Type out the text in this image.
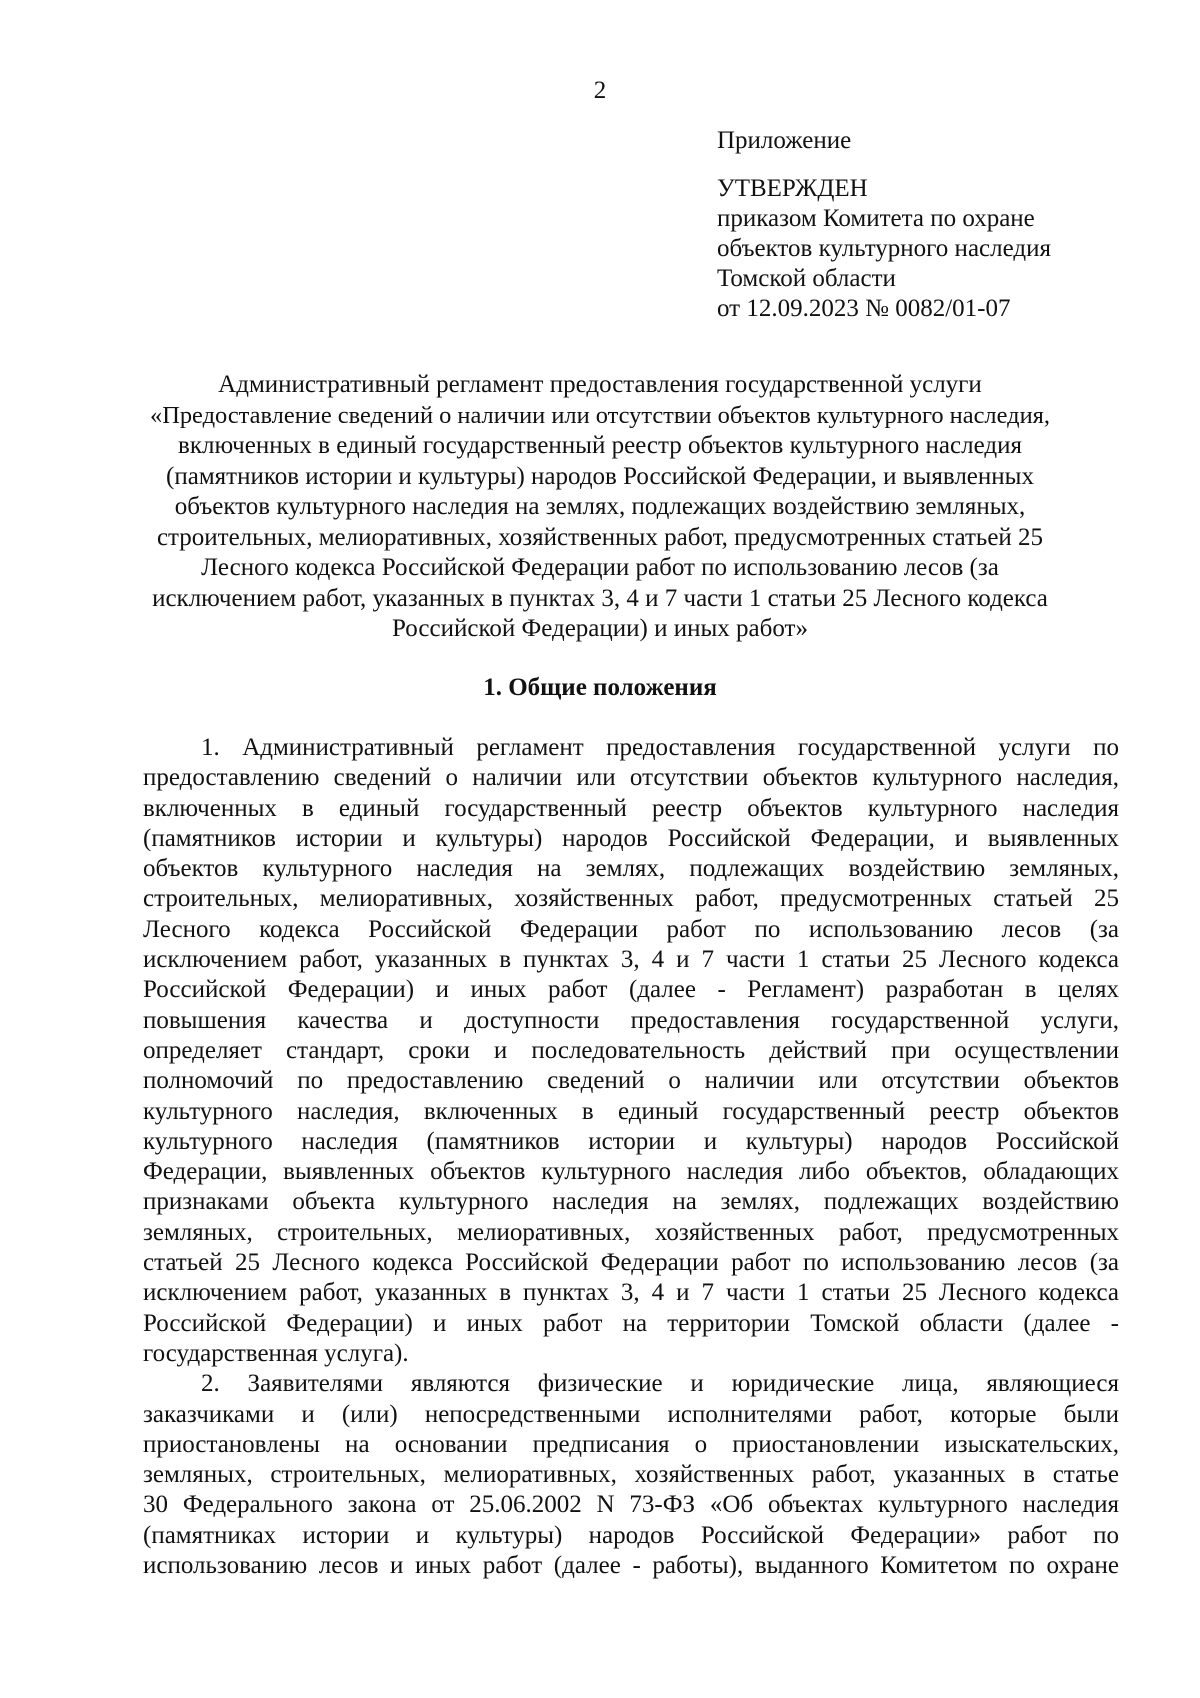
2
Приложение
УТВЕРЖДЕН
приказом Комитета по охране
объектов культурного наследия
Томской области
от 12.09.2023 № 0082/01-07
Административный регламент предоставления государственной услуги
«Предоставление сведений о наличии или отсутствии объектов культурного наследия,
включенных в единый государственный реестр объектов культурного наследия
(памятников истории и культуры) народов Российской Федерации, и выявленных
объектов культурного наследия на землях, подлежащих воздействию земляных,
строительных, мелиоративных, хозяйственных работ, предусмотренных статьей 25
Лесного кодекса Российской Федерации работ по использованию лесов (за
исключением работ, указанных в пунктах 3, 4 и 7 части 1 статьи 25 Лесного кодекса
Российской Федерации) и иных работ»
1. Общие положения
1. Административный регламент предоставления государственной услуги по
предоставлению сведений о наличии или отсутствии объектов культурного наследия,
включенных в единый государственный реестр объектов культурного наследия
(памятников истории и культуры) народов Российской Федерации, и выявленных
объектов культурного наследия на землях, подлежащих воздействию земляных,
строительных, мелиоративных, хозяйственных работ, предусмотренных статьей 25
Лесного кодекса Российской Федерации работ по использованию лесов (за
исключением работ, указанных в пунктах 3, 4 и 7 части 1 статьи 25 Лесного кодекса
Российской Федерации) и иных работ (далее - Регламент) разработан в целях
повышения качества и доступности предоставления государственной услуги,
определяет стандарт, сроки и последовательность действий при осуществлении
полномочий по предоставлению сведений о наличии или отсутствии объектов
культурного наследия, включенных в единый государственный реестр объектов
культурного наследия (памятников истории и культуры) народов Российской
Федерации, выявленных объектов культурного наследия либо объектов, обладающих
признаками объекта культурного наследия на землях, подлежащих воздействию
земляных, строительных, мелиоративных, хозяйственных работ, предусмотренных
статьей 25 Лесного кодекса Российской Федерации работ по использованию лесов (за
исключением работ, указанных в пунктах 3, 4 и 7 части 1 статьи 25 Лесного кодекса
Российской Федерации) и иных работ на территории Томской области (далее -
государственная услуга).
2. Заявителями являются физические и юридические лица, являющиеся
заказчиками и (или) непосредственными исполнителями работ, которые были
приостановлены на основании предписания о приостановлении изыскательских,
земляных, строительных, мелиоративных, хозяйственных работ, указанных в статье
30 Федерального закона от 25.06.2002 N 73-ФЗ «Об объектах культурного наследия
(памятниках истории и культуры) народов Российской Федерации» работ по
использованию лесов и иных работ (далее - работы), выданного Комитетом по охране
